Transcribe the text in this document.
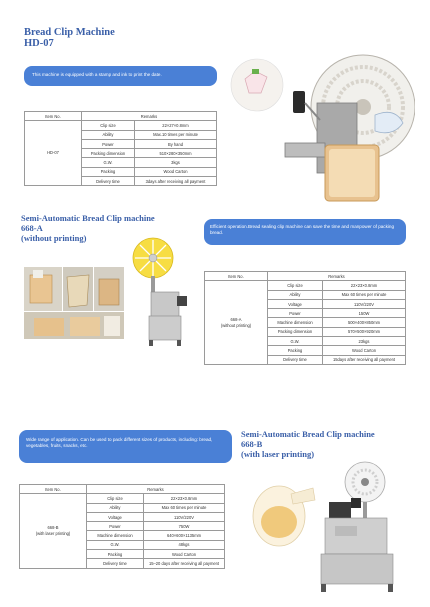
Bread Clip Machine
HD-07
This machine is equipped with a stamp and ink to print the date.
Item No.	Remarks	
HD-07	Clip size	22×27×0.8mm
	Ability	Max.10 times per minute
	Power	By hand
	Packing dimension	510×280×350mm
	G.W.	3kgs
	Packing	Wood Carton
	Delivery time	3days after receiving all payment
Semi-Automatic Bread Clip machine
668-A
(without printing)
Efficient operation.Bread sealing clip machine can save the time and manpower of packing bread.
Item No.	Remarks	

668-A
(without printing)	Clip size	22×23×0.8mm
	Ability	Max 60 times per minute
	Voltage	110V/220V
	Power	150W
	Machine dimension	500×400×850mm
	Packing dimension	570×500×920mm
	G.W.	23kgs
	Packing	Wood Carton
	Delivery time	15days after receiving all payment
Wide range of application. Can be used to pack different sizes of products, including: bread, vegetables, fruits, snacks, etc.
Semi-Automatic Bread Clip machine
668-B
(with laser printing)
Item No.	Remarks	

668-B
(with laser printing)	Clip size	22×23×0.8mm
	Ability	Max 60 times per minute
	Voltage	110V/220V
	Power	750W
	Machine dimension	640×600×1135mm
	G.W.	48kgs
	Packing	Wood Carton
	Delivery time	15–20 days after receiving all payment
